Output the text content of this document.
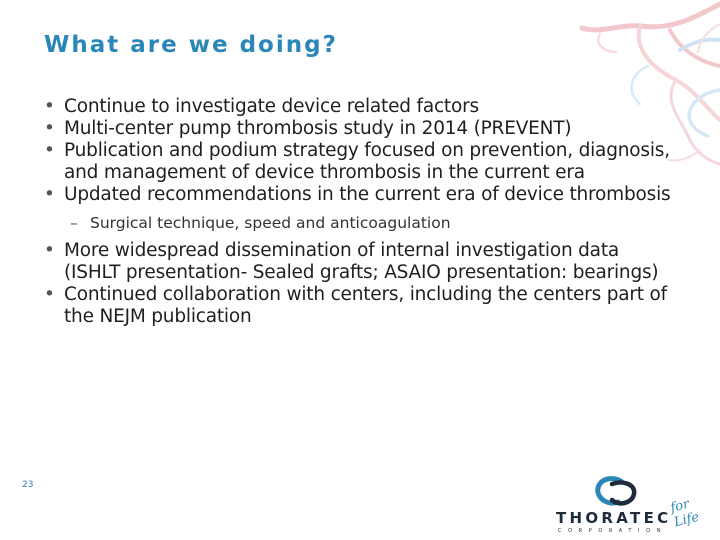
What are we doing?
• Continue to investigate device related factors
• Multi-center pump thrombosis study in 2014 (PREVENT)
• Publication and podium strategy focused on prevention, diagnosis, and management of device thrombosis in the current era
• Updated recommendations in the current era of device thrombosis
– Surgical technique, speed and anticoagulation
• More widespread dissemination of internal investigation data (ISHLT presentation- Sealed grafts; ASAIO presentation: bearings)
• Continued collaboration with centers, including the centers part of the NEJM publication
23
THORATEC
CORPORATION
for Life
